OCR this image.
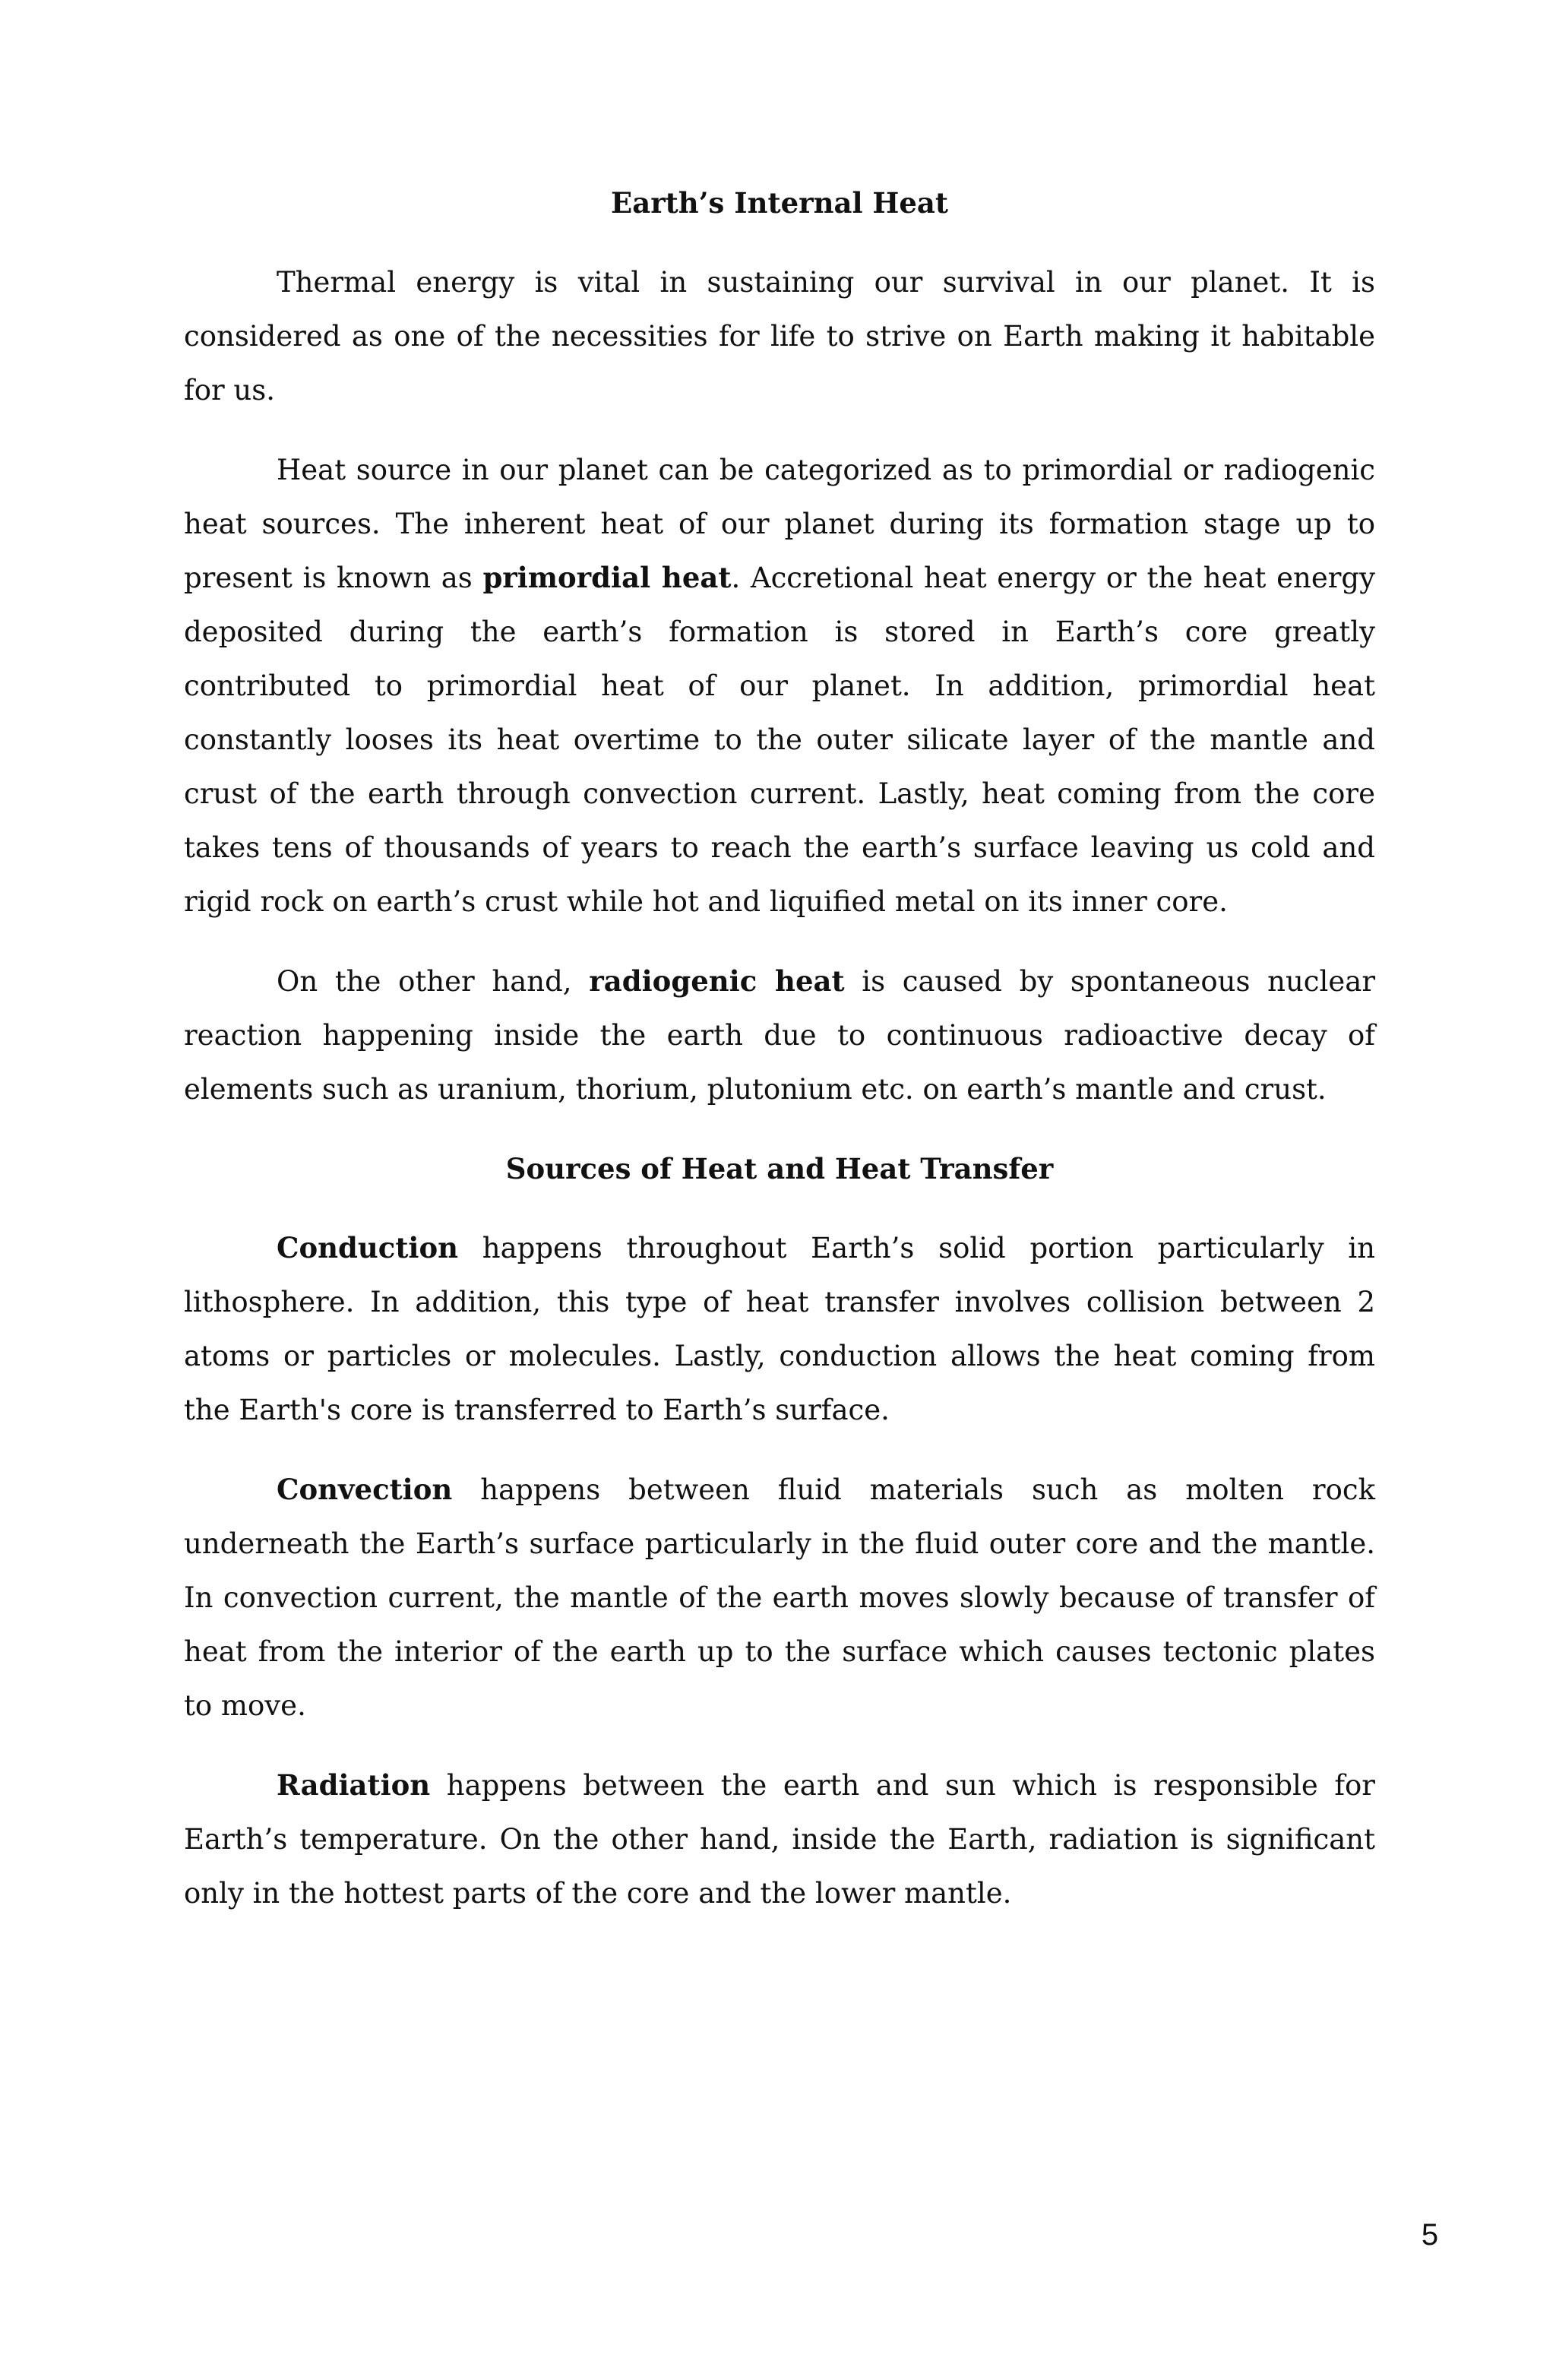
Earth’s Internal Heat

Thermal energy is vital in sustaining our survival in our planet. It is considered as one of the necessities for life to strive on Earth making it habitable for us.

Heat source in our planet can be categorized as to primordial or radiogenic heat sources. The inherent heat of our planet during its formation stage up to present is known as primordial heat. Accretional heat energy or the heat energy deposited during the earth’s formation is stored in Earth’s core greatly contributed to primordial heat of our planet. In addition, primordial heat constantly looses its heat overtime to the outer silicate layer of the mantle and crust of the earth through convection current. Lastly, heat coming from the core takes tens of thousands of years to reach the earth’s surface leaving us cold and rigid rock on earth’s crust while hot and liquified metal on its inner core.

On the other hand, radiogenic heat is caused by spontaneous nuclear reaction happening inside the earth due to continuous radioactive decay of elements such as uranium, thorium, plutonium etc. on earth’s mantle and crust.

Sources of Heat and Heat Transfer

Conduction happens throughout Earth’s solid portion particularly in lithosphere. In addition, this type of heat transfer involves collision between 2 atoms or particles or molecules. Lastly, conduction allows the heat coming from the Earth's core is transferred to Earth’s surface.

Convection happens between fluid materials such as molten rock underneath the Earth’s surface particularly in the fluid outer core and the mantle. In convection current, the mantle of the earth moves slowly because of transfer of heat from the interior of the earth up to the surface which causes tectonic plates to move.

Radiation happens between the earth and sun which is responsible for Earth’s temperature. On the other hand, inside the Earth, radiation is significant only in the hottest parts of the core and the lower mantle.

5
